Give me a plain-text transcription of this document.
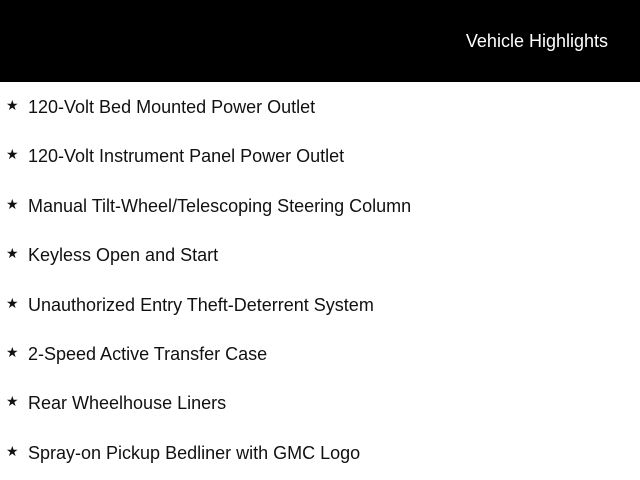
Vehicle Highlights
★ 120-Volt Bed Mounted Power Outlet
★ 120-Volt Instrument Panel Power Outlet
★ Manual Tilt-Wheel/Telescoping Steering Column
★ Keyless Open and Start
★ Unauthorized Entry Theft-Deterrent System
★ 2-Speed Active Transfer Case
★ Rear Wheelhouse Liners
★ Spray-on Pickup Bedliner with GMC Logo
